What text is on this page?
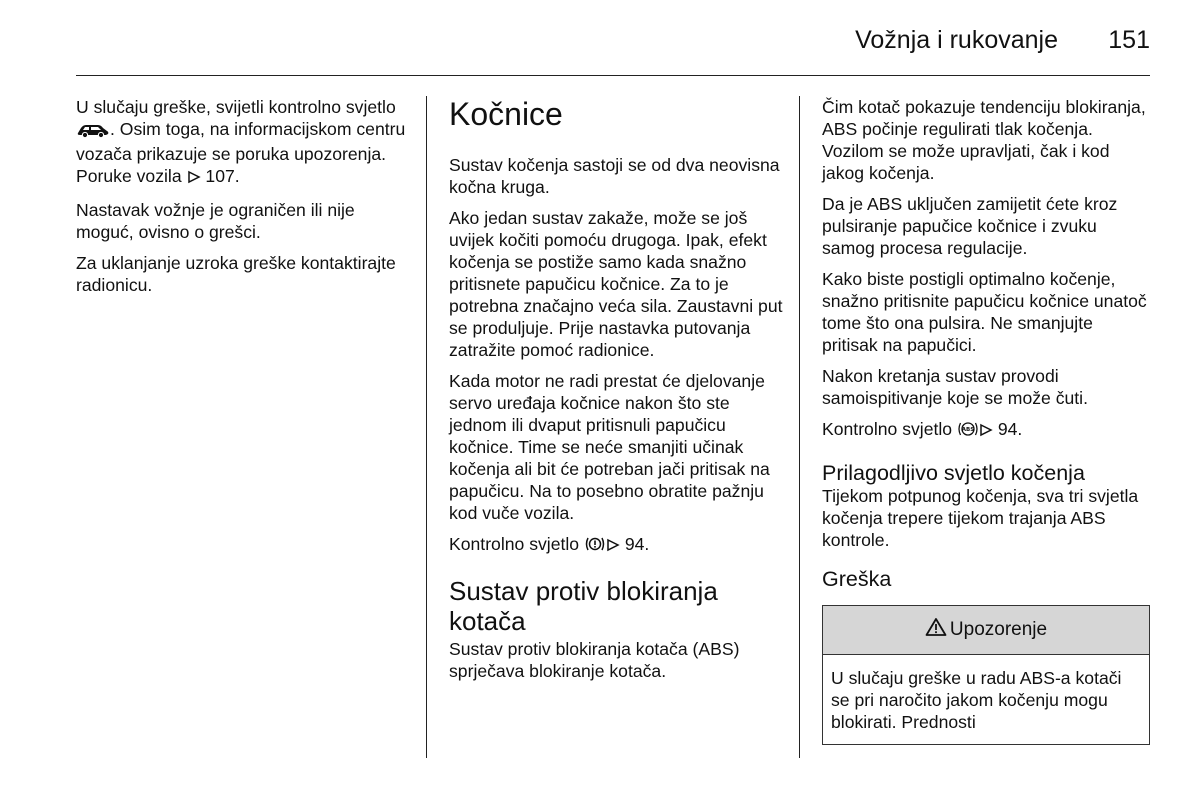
Vožnja i rukovanje	151

U slučaju greške, svijetli kontrolno svjetlo . Osim toga, na informacijskom centru vozača prikazuje se poruka upozorenja. Poruke vozila  107.

Nastavak vožnje je ograničen ili nije moguć, ovisno o grešci.

Za uklanjanje uzroka greške kontaktirajte radionicu.

Kočnice

Sustav kočenja sastoji se od dva neovisna kočna kruga.

Ako jedan sustav zakaže, može se još uvijek kočiti pomoću drugoga. Ipak, efekt kočenja se postiže samo kada snažno pritisnete papučicu kočnice. Za to je potrebna značajno veća sila. Zaustavni put se produljuje. Prije nastavka putovanja zatražite pomoć radionice.

Kada motor ne radi prestat će djelovanje servo uređaja kočnice nakon što ste jednom ili dvaput pritisnuli papučicu kočnice. Time se neće smanjiti učinak kočenja ali bit će potreban jači pritisak na papučicu. Na to posebno obratite pažnju kod vuče vozila.

Kontrolno svjetlo  94.

Sustav protiv blokiranja kotača

Sustav protiv blokiranja kotača (ABS) sprječava blokiranje kotača.

Čim kotač pokazuje tendenciju blokiranja, ABS počinje regulirati tlak kočenja. Vozilom se može upravljati, čak i kod jakog kočenja.

Da je ABS uključen zamijetit ćete kroz pulsiranje papučice kočnice i zvuku samog procesa regulacije.

Kako biste postigli optimalno kočenje, snažno pritisnite papučicu kočnice unatoč tome što ona pulsira. Ne smanjujte pritisak na papučici.

Nakon kretanja sustav provodi samoispitivanje koje se može čuti.

Kontrolno svjetlo ABS 94.

Prilagodljivo svjetlo kočenja

Tijekom potpunog kočenja, sva tri svjetla kočenja trepere tijekom trajanja ABS kontrole.

Greška
Upozorenje
U slučaju greške u radu ABS-a kotači se pri naročito jakom kočenju mogu blokirati. Prednosti
